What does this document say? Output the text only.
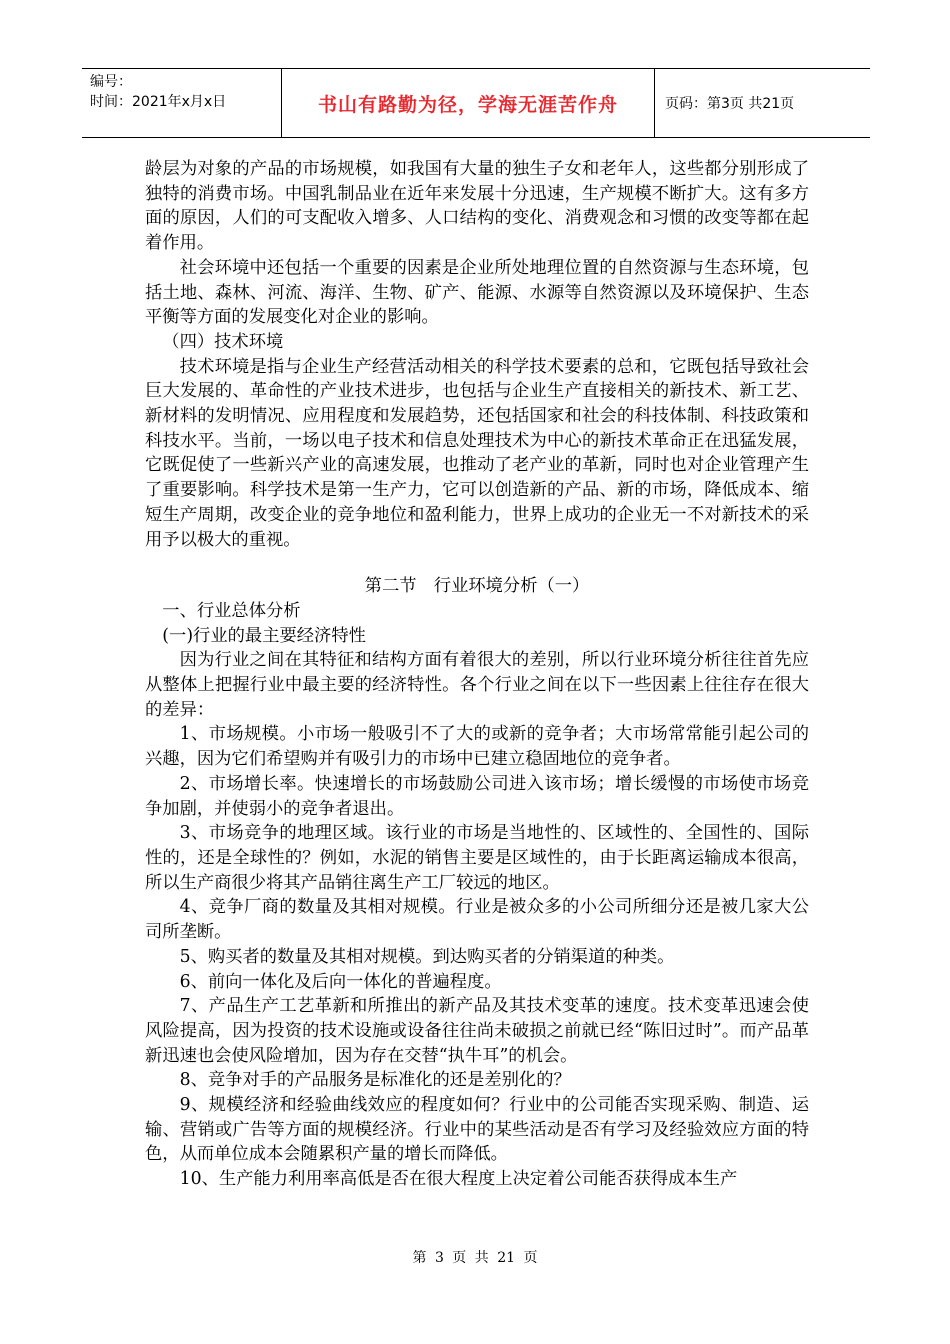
编号：
时间：2021年x月x日	书山有路勤为径，学海无涯苦作舟	页码：第3页 共21页

龄层为对象的产品的市场规模，如我国有大量的独生子女和老年人，这些都分别形成了独特的消费市场。中国乳制品业在近年来发展十分迅速，生产规模不断扩大。这有多方面的原因，人们的可支配收入增多、人口结构的变化、消费观念和习惯的改变等都在起着作用。

社会环境中还包括一个重要的因素是企业所处地理位置的自然资源与生态环境，包括土地、森林、河流、海洋、生物、矿产、能源、水源等自然资源以及环境保护、生态平衡等方面的发展变化对企业的影响。

（四）技术环境

技术环境是指与企业生产经营活动相关的科学技术要素的总和，它既包括导致社会巨大发展的、革命性的产业技术进步，也包括与企业生产直接相关的新技术、新工艺、新材料的发明情况、应用程度和发展趋势，还包括国家和社会的科技体制、科技政策和科技水平。当前，一场以电子技术和信息处理技术为中心的新技术革命正在迅猛发展，它既促使了一些新兴产业的高速发展，也推动了老产业的革新，同时也对企业管理产生了重要影响。科学技术是第一生产力，它可以创造新的产品、新的市场，降低成本、缩短生产周期，改变企业的竞争地位和盈利能力，世界上成功的企业无一不对新技术的采用予以极大的重视。

第二节　行业环境分析（一）

一、行业总体分析

(一)行业的最主要经济特性

因为行业之间在其特征和结构方面有着很大的差别，所以行业环境分析往往首先应从整体上把握行业中最主要的经济特性。各个行业之间在以下一些因素上往往存在很大的差异：

1、市场规模。小市场一般吸引不了大的或新的竞争者；大市场常常能引起公司的兴趣，因为它们希望购并有吸引力的市场中已建立稳固地位的竞争者。

2、市场增长率。快速增长的市场鼓励公司进入该市场；增长缓慢的市场使市场竞争加剧，并使弱小的竞争者退出。

3、市场竞争的地理区域。该行业的市场是当地性的、区域性的、全国性的、国际性的，还是全球性的？例如，水泥的销售主要是区域性的，由于长距离运输成本很高，所以生产商很少将其产品销往离生产工厂较远的地区。

4、竞争厂商的数量及其相对规模。行业是被众多的小公司所细分还是被几家大公司所垄断。

5、购买者的数量及其相对规模。到达购买者的分销渠道的种类。

6、前向一体化及后向一体化的普遍程度。

7、产品生产工艺革新和所推出的新产品及其技术变革的速度。技术变革迅速会使风险提高，因为投资的技术设施或设备往往尚未破损之前就已经“陈旧过时”。而产品革新迅速也会使风险增加，因为存在交替“执牛耳”的机会。

8、竞争对手的产品服务是标准化的还是差别化的？

9、规模经济和经验曲线效应的程度如何？行业中的公司能否实现采购、制造、运输、营销或广告等方面的规模经济。行业中的某些活动是否有学习及经验效应方面的特色，从而单位成本会随累积产量的增长而降低。

10、生产能力利用率高低是否在很大程度上决定着公司能否获得成本生产

第 3 页 共 21 页
